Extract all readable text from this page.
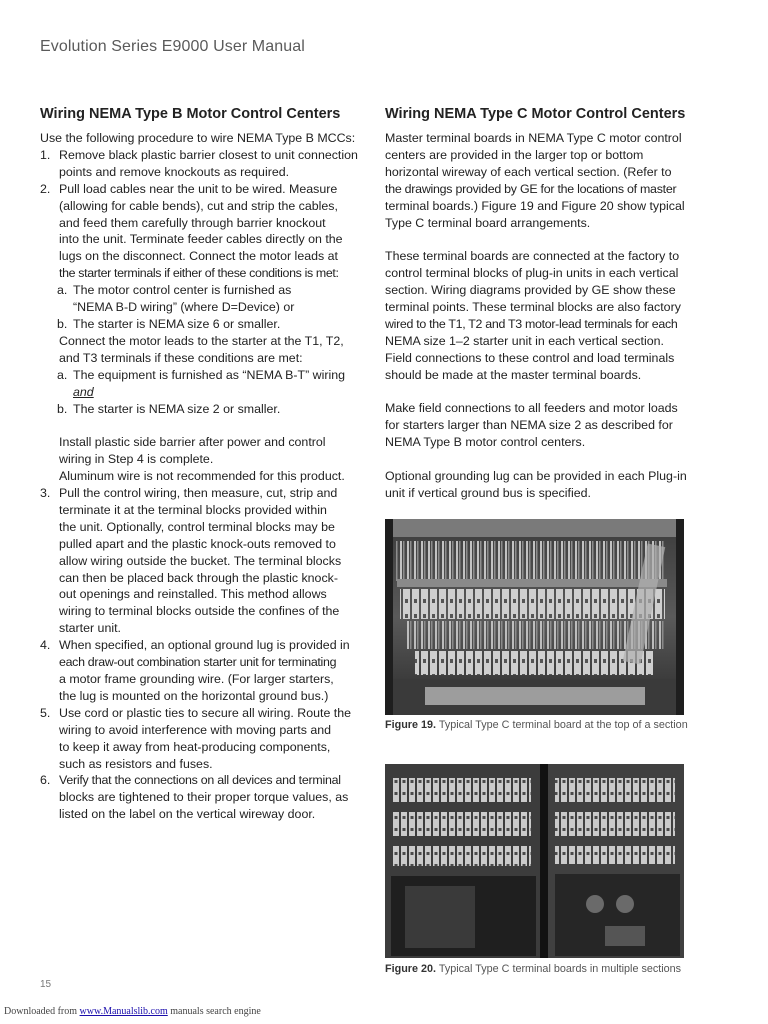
Evolution Series E9000 User Manual
Wiring NEMA Type B Motor Control Centers
Use the following procedure to wire NEMA Type B MCCs:
1. Remove black plastic barrier closest to unit connection
points and remove knockouts as required.
2. Pull load cables near the unit to be wired. Measure
(allowing for cable bends), cut and strip the cables,
and feed them carefully through barrier knockout
into the unit. Terminate feeder cables directly on the
lugs on the disconnect. Connect the motor leads at
the starter terminals if either of these conditions is met:
a. The motor control center is furnished as
“NEMA B-D wiring” (where D=Device) or
b. The starter is NEMA size 6 or smaller.
Connect the motor leads to the starter at the T1, T2,
and T3 terminals if these conditions are met:
a. The equipment is furnished as “NEMA B-T” wiring
and
b. The starter is NEMA size 2 or smaller.
Install plastic side barrier after power and control
wiring in Step 4 is complete.
Aluminum wire is not recommended for this product.
3. Pull the control wiring, then measure, cut, strip and
terminate it at the terminal blocks provided within
the unit. Optionally, control terminal blocks may be
pulled apart and the plastic knock-outs removed to
allow wiring outside the bucket. The terminal blocks
can then be placed back through the plastic knock-
out openings and reinstalled. This method allows
wiring to terminal blocks outside the confines of the
starter unit.
4. When specified, an optional ground lug is provided in
each draw-out combination starter unit for terminating
a motor frame grounding wire. (For larger starters,
the lug is mounted on the horizontal ground bus.)
5. Use cord or plastic ties to secure all wiring. Route the
wiring to avoid interference with moving parts and
to keep it away from heat-producing components,
such as resistors and fuses.
6. Verify that the connections on all devices and terminal
blocks are tightened to their proper torque values, as
listed on the label on the vertical wireway door.
Wiring NEMA Type C Motor Control Centers
Master terminal boards in NEMA Type C motor control
centers are provided in the larger top or bottom
horizontal wireway of each vertical section. (Refer to
the drawings provided by GE for the locations of master
terminal boards.) Figure 19 and Figure 20 show typical
Type C terminal board arrangements.
These terminal boards are connected at the factory to
control terminal blocks of plug-in units in each vertical
section. Wiring diagrams provided by GE show these
terminal points. These terminal blocks are also factory
wired to the T1, T2 and T3 motor-lead terminals for each
NEMA size 1–2 starter unit in each vertical section.
Field connections to these control and load terminals
should be made at the master terminal boards.
Make field connections to all feeders and motor loads
for starters larger than NEMA size 2 as described for
NEMA Type B motor control centers.
Optional grounding lug can be provided in each Plug-in
unit if vertical ground bus is specified.
Figure 19. Typical Type C terminal board at the top of a section
Figure 20. Typical Type C terminal boards in multiple sections
15
Downloaded from www.Manualslib.com manuals search engine
